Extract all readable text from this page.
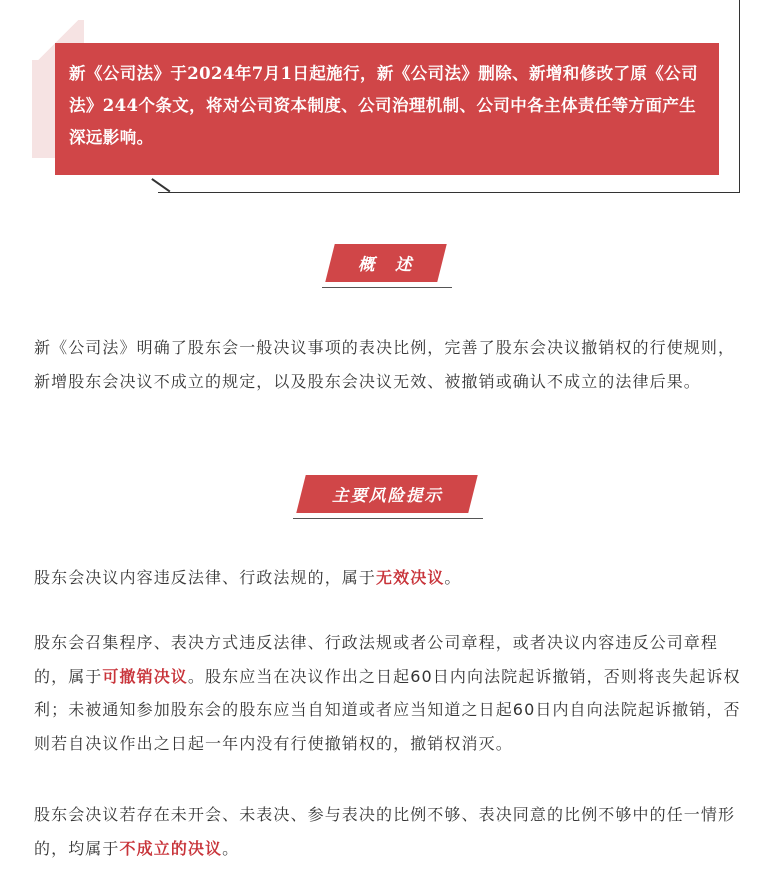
新《公司法》于2024年7月1日起施行，新《公司法》删除、新增和修改了原《公司法》244个条文，将对公司资本制度、公司治理机制、公司中各主体责任等方面产生深远影响。
概　述

新《公司法》明确了股东会一般决议事项的表决比例，完善了股东会决议撤销权的行使规则，新增股东会决议不成立的规定，以及股东会决议无效、被撤销或确认不成立的法律后果。

主要风险提示

股东会决议内容违反法律、行政法规的，属于无效决议。

股东会召集程序、表决方式违反法律、行政法规或者公司章程，或者决议内容违反公司章程的，属于可撤销决议。股东应当在决议作出之日起60日内向法院起诉撤销，否则将丧失起诉权利；未被通知参加股东会的股东应当自知道或者应当知道之日起60日内自向法院起诉撤销，否则若自决议作出之日起一年内没有行使撤销权的，撤销权消灭。

股东会决议若存在未开会、未表决、参与表决的比例不够、表决同意的比例不够中的任一情形的，均属于不成立的决议。
